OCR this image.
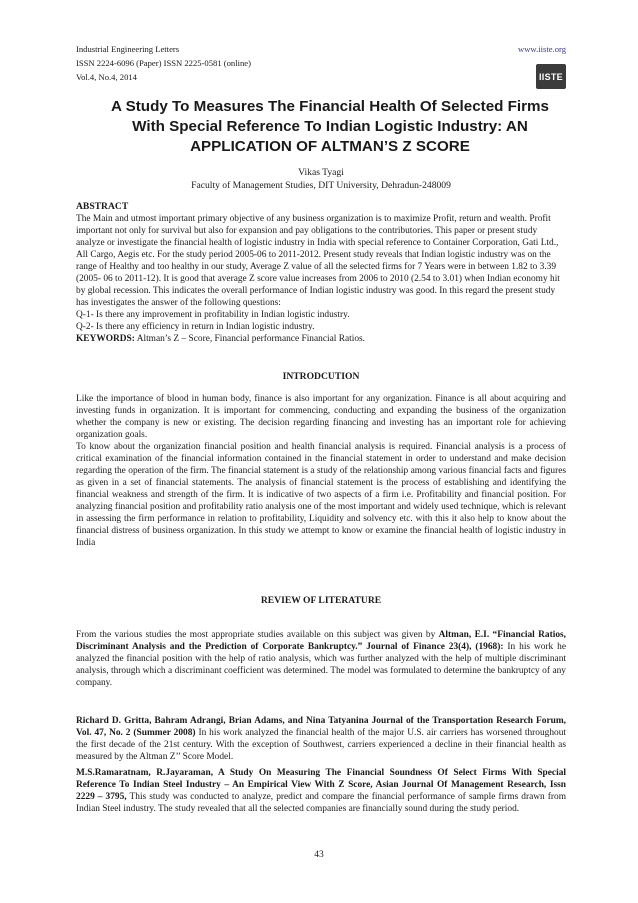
Industrial Engineering Letters
ISSN 2224-6096 (Paper) ISSN 2225-0581 (online)
Vol.4, No.4, 2014
www.iiste.org
IISTE
A Study To Measures The Financial Health Of Selected Firms With Special Reference To Indian Logistic Industry: AN APPLICATION OF ALTMAN’S Z SCORE
Vikas Tyagi
Faculty of Management Studies, DIT University, Dehradun-248009

ABSTRACT

The Main and utmost important primary objective of any business organization is to maximize Profit, return and wealth. Profit important not only for survival but also for expansion and pay obligations to the contributories. This paper or present study analyze or investigate the financial health of logistic industry in India with special reference to Container Corporation, Gati Ltd., All Cargo, Aegis etc. For the study period 2005-06 to 2011-2012. Present study reveals that Indian logistic industry was on the range of Healthy and too healthy in our study, Average Z value of all the selected firms for 7 Years were in between 1.82 to 3.39 (2005- 06 to 2011-12). It is good that average Z score value increases from 2006 to 2010 (2.54 to 3.01) when Indian economy hit by global recession. This indicates the overall performance of Indian logistic industry was good. In this regard the present study has investigates the answer of the following questions:

Q-1- Is there any improvement in profitability in Indian logistic industry.

Q-2- Is there any efficiency in return in Indian logistic industry.

KEYWORDS: Altman’s Z – Score, Financial performance Financial Ratios.

INTRODCUTION

Like the importance of blood in human body, finance is also important for any organization. Finance is all about acquiring and investing funds in organization. It is important for commencing, conducting and expanding the business of the organization whether the company is new or existing. The decision regarding financing and investing has an important role for achieving organization goals.

To know about the organization financial position and health financial analysis is required. Financial analysis is a process of critical examination of the financial information contained in the financial statement in order to understand and make decision regarding the operation of the firm. The financial statement is a study of the relationship among various financial facts and figures as given in a set of financial statements. The analysis of financial statement is the process of establishing and identifying the financial weakness and strength of the firm. It is indicative of two aspects of a firm i.e. Profitability and financial position. For analyzing financial position and profitability ratio analysis one of the most important and widely used technique, which is relevant in assessing the firm performance in relation to profitability, Liquidity and solvency etc. with this it also help to know about the financial distress of business organization. In this study we attempt to know or examine the financial health of logistic industry in India

REVIEW OF LITERATURE
From the various studies the most appropriate studies available on this subject was given by Altman, E.I. “Financial Ratios, Discriminant Analysis and the Prediction of Corporate Bankruptcy.” Journal of Finance 23(4), (1968): In his work he analyzed the financial position with the help of ratio analysis, which was further analyzed with the help of multiple discriminant analysis, through which a discriminant coefficient was determined. The model was formulated to determine the bankruptcy of any company.
Richard D. Gritta, Bahram Adrangi, Brian Adams, and Nina Tatyanina Journal of the Transportation Research Forum, Vol. 47, No. 2 (Summer 2008) In his work analyzed the financial health of the major U.S. air carriers has worsened throughout the first decade of the 21st century. With the exception of Southwest, carriers experienced a decline in their financial health as measured by the Altman Z’’ Score Model.
M.S.Ramaratnam, R.Jayaraman, A Study On Measuring The Financial Soundness Of Select Firms With Special Reference To Indian Steel Industry – An Empirical View With Z Score, Asian Journal Of Management Research, Issn 2229 – 3795, This study was conducted to analyze, predict and compare the financial performance of sample firms drawn from Indian Steel industry. The study revealed that all the selected companies are financially sound during the study period.
43
